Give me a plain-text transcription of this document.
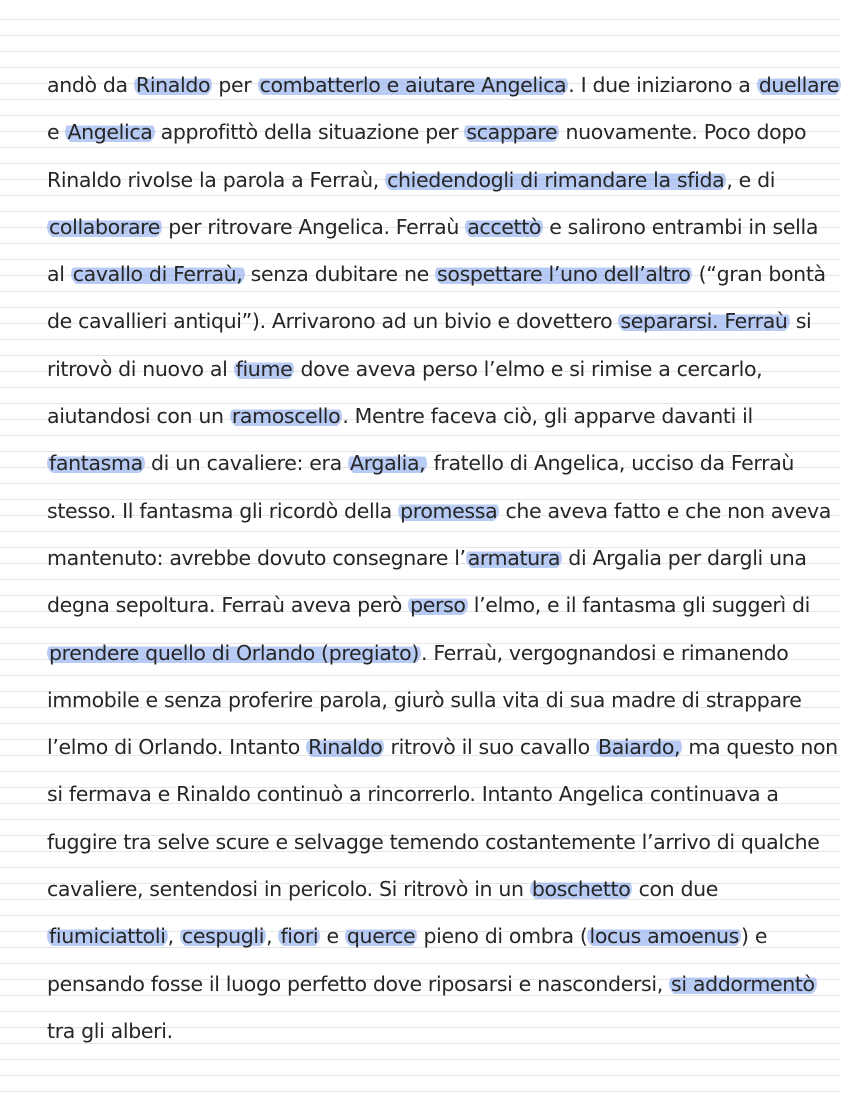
andò da Rinaldo per combatterlo e aiutare Angelica. I due iniziarono a duellare
e Angelica approfittò della situazione per scappare nuovamente. Poco dopo
Rinaldo rivolse la parola a Ferraù, chiedendogli di rimandare la sfida, e di
collaborare per ritrovare Angelica. Ferraù accettò e salirono entrambi in sella
al cavallo di Ferraù, senza dubitare ne sospettare l’uno dell’altro (“gran bontà
de cavallieri antiqui”). Arrivarono ad un bivio e dovettero separarsi. Ferraù si
ritrovò di nuovo al fiume dove aveva perso l’elmo e si rimise a cercarlo,
aiutandosi con un ramoscello. Mentre faceva ciò, gli apparve davanti il
fantasma di un cavaliere: era Argalia, fratello di Angelica, ucciso da Ferraù
stesso. Il fantasma gli ricordò della promessa che aveva fatto e che non aveva
mantenuto: avrebbe dovuto consegnare l’armatura di Argalia per dargli una
degna sepoltura. Ferraù aveva però perso l’elmo, e il fantasma gli suggerì di
prendere quello di Orlando (pregiato). Ferraù, vergognandosi e rimanendo
immobile e senza proferire parola, giurò sulla vita di sua madre di strappare
l’elmo di Orlando. Intanto Rinaldo ritrovò il suo cavallo Baiardo, ma questo non
si fermava e Rinaldo continuò a rincorrerlo. Intanto Angelica continuava a
fuggire tra selve scure e selvagge temendo costantemente l’arrivo di qualche
cavaliere, sentendosi in pericolo. Si ritrovò in un boschetto con due
fiumiciattoli, cespugli, fiori e querce pieno di ombra (locus amoenus) e
pensando fosse il luogo perfetto dove riposarsi e nascondersi, si addormentò
tra gli alberi.
